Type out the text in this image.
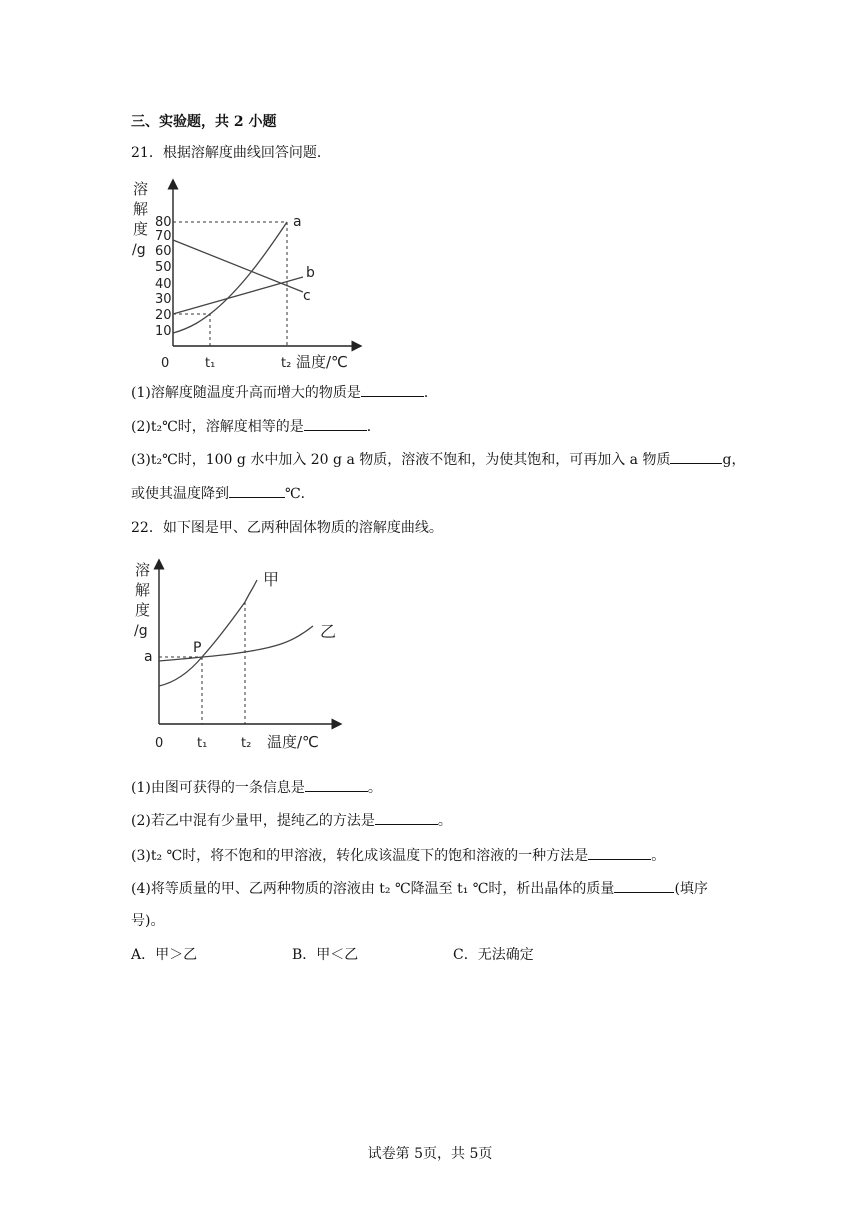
三、实验题，共 2 小题
21．根据溶解度曲线回答问题．
溶
解
度
/g
80
70
60
50
40
30
20
10
a
b
c
0	t₁	t₂ 温度/℃
(1)溶解度随温度升高而增大的物质是	．
(2)t₂℃时，溶解度相等的是	．
(3)t₂℃时，100 g 水中加入 20 g a 物质，溶液不饱和，为使其饱和，可再加入 a 物质	g，
或使其温度降到	℃．
22．如下图是甲、乙两种固体物质的溶解度曲线。
溶
解
度
/g
a
P
甲
乙
0	t₁	t₂ 温度/℃
(1)由图可获得的一条信息是	。
(2)若乙中混有少量甲，提纯乙的方法是	。
(3)t₂ ℃时，将不饱和的甲溶液，转化成该温度下的饱和溶液的一种方法是	。
(4)将等质量的甲、乙两种物质的溶液由 t₂ ℃降温至 t₁ ℃时，析出晶体的质量	(填序
号)。
A．甲＞乙	B．甲＜乙	C．无法确定
试卷第 5页，共 5页
